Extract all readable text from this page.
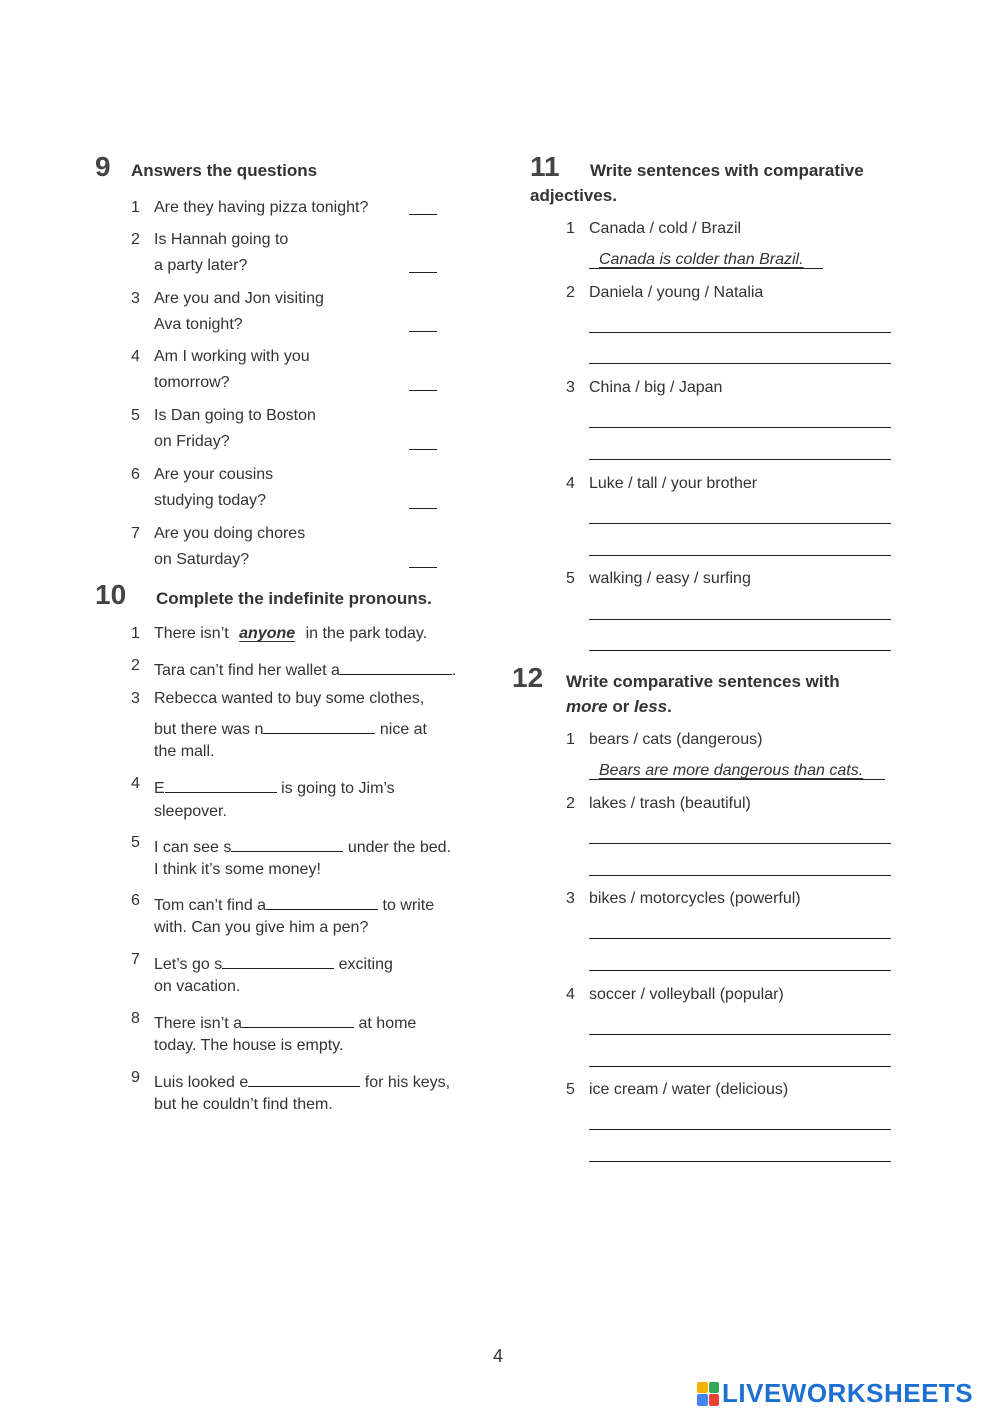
9 Answers the questions
1 Are they having pizza tonight?
2 Is Hannah going to
a party later?
3 Are you and Jon visiting
Ava tonight?
4 Am I working with you
tomorrow?
5 Is Dan going to Boston
on Friday?
6 Are your cousins
studying today?
7 Are you doing chores
on Saturday?
10 Complete the indefinite pronouns.
1 There isn’t anyone in the park today.
2 Tara can’t find her wallet a	.
3 Rebecca wanted to buy some clothes,
but there was n	nice at
the mall.
4 E	is going to Jim’s
sleepover.
5 I can see s	under the bed.
I think it’s some money!
6 Tom can’t find a	to write
with. Can you give him a pen?
7 Let’s go s	exciting
on vacation.
8 There isn’t a	at home
today. The house is empty.
9 Luis looked e	for his keys,
but he couldn’t find them.
11 Write sentences with comparative
adjectives.
1 Canada / cold / Brazil
Canada is colder than Brazil.
2 Daniela / young / Natalia
3 China / big / Japan
4 Luke / tall / your brother
5 walking / easy / surfing
12 Write comparative sentences with
more or less.
1 bears / cats (dangerous)
Bears are more dangerous than cats.
2 lakes / trash (beautiful)
3 bikes / motorcycles (powerful)
4 soccer / volleyball (popular)
5 ice cream / water (delicious)
4
LIVEWORKSHEETS
